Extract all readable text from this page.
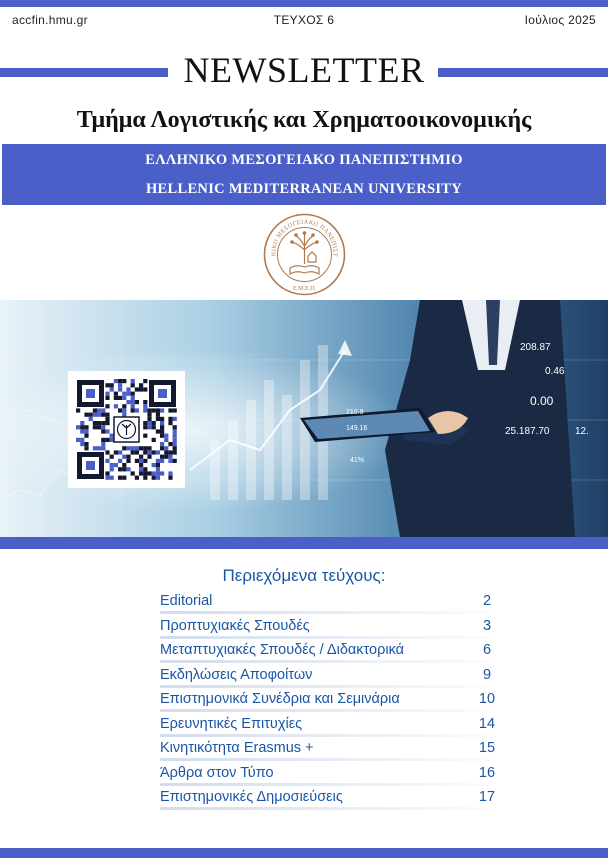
accfin.hmu.gr	ΤΕΥΧΟΣ 6	Ιούλιος 2025
NEWSLETTER
Τμήμα Λογιστικής και Χρηματοοικονομικής
ΕΛΛΗΝΙΚΟ ΜΕΣΟΓΕΙΑΚΟ ΠΑΝΕΠΙΣΤΗΜΙΟ
HELLENIC MEDITERRANEAN UNIVERSITY
ΝΙΚΟ ΜΕΣΟΓΕΙΑΚΟ ΠΑΝΕΠΙΣΤ
Ε.Μ.Ε.Π.
208.87
0.46
0.00
25.187.70	12.
210.9
149.16
41%
Περιεχόμενα τεύχους:
Editorial	2
Προπτυχιακές Σπουδές	3
Μεταπτυχιακές Σπουδές / Διδακτορικά	6
Εκδηλώσεις Αποφοίτων	9
Επιστημονικά Συνέδρια και Σεμινάρια	10
Ερευνητικές Επιτυχίες	14
Κινητικότητα Erasmus +	15
Άρθρα στον Τύπο	16
Επιστημονικές Δημοσιεύσεις	17
